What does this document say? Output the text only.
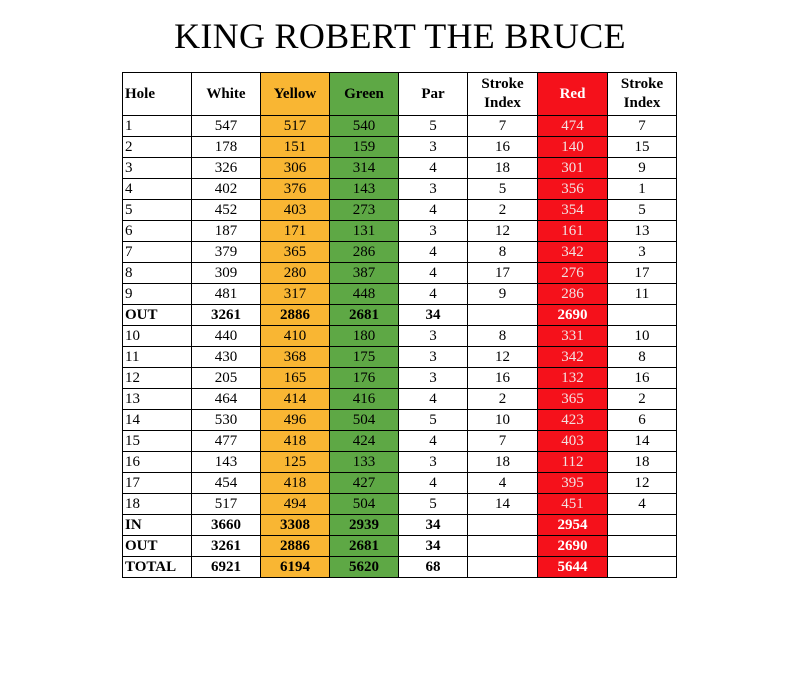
KING ROBERT THE BRUCE
Hole	White	Yellow	Green	Par	Stroke Index	Red	Stroke Index
1	547	517	540	5	7	474	7
2	178	151	159	3	16	140	15
3	326	306	314	4	18	301	9
4	402	376	143	3	5	356	1
5	452	403	273	4	2	354	5
6	187	171	131	3	12	161	13
7	379	365	286	4	8	342	3
8	309	280	387	4	17	276	17
9	481	317	448	4	9	286	11
OUT	3261	2886	2681	34		2690	
10	440	410	180	3	8	331	10
11	430	368	175	3	12	342	8
12	205	165	176	3	16	132	16
13	464	414	416	4	2	365	2
14	530	496	504	5	10	423	6
15	477	418	424	4	7	403	14
16	143	125	133	3	18	112	18
17	454	418	427	4	4	395	12
18	517	494	504	5	14	451	4
IN	3660	3308	2939	34		2954	
OUT	3261	2886	2681	34		2690	
TOTAL	6921	6194	5620	68		5644	
